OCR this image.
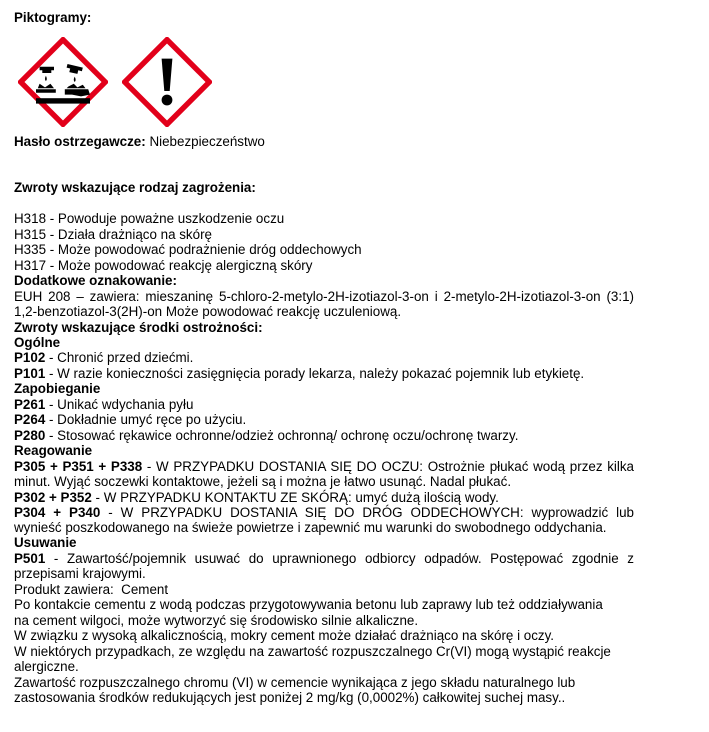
Piktogramy:
Hasło ostrzegawcze: Niebezpieczeństwo
Zwroty wskazujące rodzaj zagrożenia:
H318 - Powoduje poważne uszkodzenie oczu
H315 - Działa drażniąco na skórę
H335 - Może powodować podrażnienie dróg oddechowych
H317 - Może powodować reakcję alergiczną skóry
Dodatkowe oznakowanie:
EUH 208 – zawiera: mieszaninę 5-chloro-2-metylo-2H-izotiazol-3-on i 2-metylo-2H-izotiazol-3-on (3:1)
1,2-benzotiazol-3(2H)-on Może powodować reakcję uczuleniową.
Zwroty wskazujące środki ostrożności:
Ogólne
P102 - Chronić przed dziećmi.
P101 - W razie konieczności zasięgnięcia porady lekarza, należy pokazać pojemnik lub etykietę.
Zapobieganie
P261 - Unikać wdychania pyłu
P264 - Dokładnie umyć ręce po użyciu.
P280 - Stosować rękawice ochronne/odzież ochronną/ ochronę oczu/ochronę twarzy.
Reagowanie
P305 + P351 + P338 - W PRZYPADKU DOSTANIA SIĘ DO OCZU: Ostrożnie płukać wodą przez kilka
minut. Wyjąć soczewki kontaktowe, jeżeli są i można je łatwo usunąć. Nadal płukać.
P302 + P352 - W PRZYPADKU KONTAKTU ZE SKÓRĄ: umyć dużą ilością wody.
P304 + P340 - W PRZYPADKU DOSTANIA SIĘ DO DRÓG ODDECHOWYCH: wyprowadzić lub
wynieść poszkodowanego na świeże powietrze i zapewnić mu warunki do swobodnego oddychania.
Usuwanie
P501 - Zawartość/pojemnik usuwać do uprawnionego odbiorcy odpadów. Postępować zgodnie z
przepisami krajowymi.
Produkt zawiera:  Cement
Po kontakcie cementu z wodą podczas przygotowywania betonu lub zaprawy lub też oddziaływania
na cement wilgoci, może wytworzyć się środowisko silnie alkaliczne.
W związku z wysoką alkalicznością, mokry cement może działać drażniąco na skórę i oczy.
W niektórych przypadkach, ze względu na zawartość rozpuszczalnego Cr(VI) mogą wystąpić reakcje
alergiczne.
Zawartość rozpuszczalnego chromu (VI) w cemencie wynikająca z jego składu naturalnego lub
zastosowania środków redukujących jest poniżej 2 mg/kg (0,0002%) całkowitej suchej masy..
